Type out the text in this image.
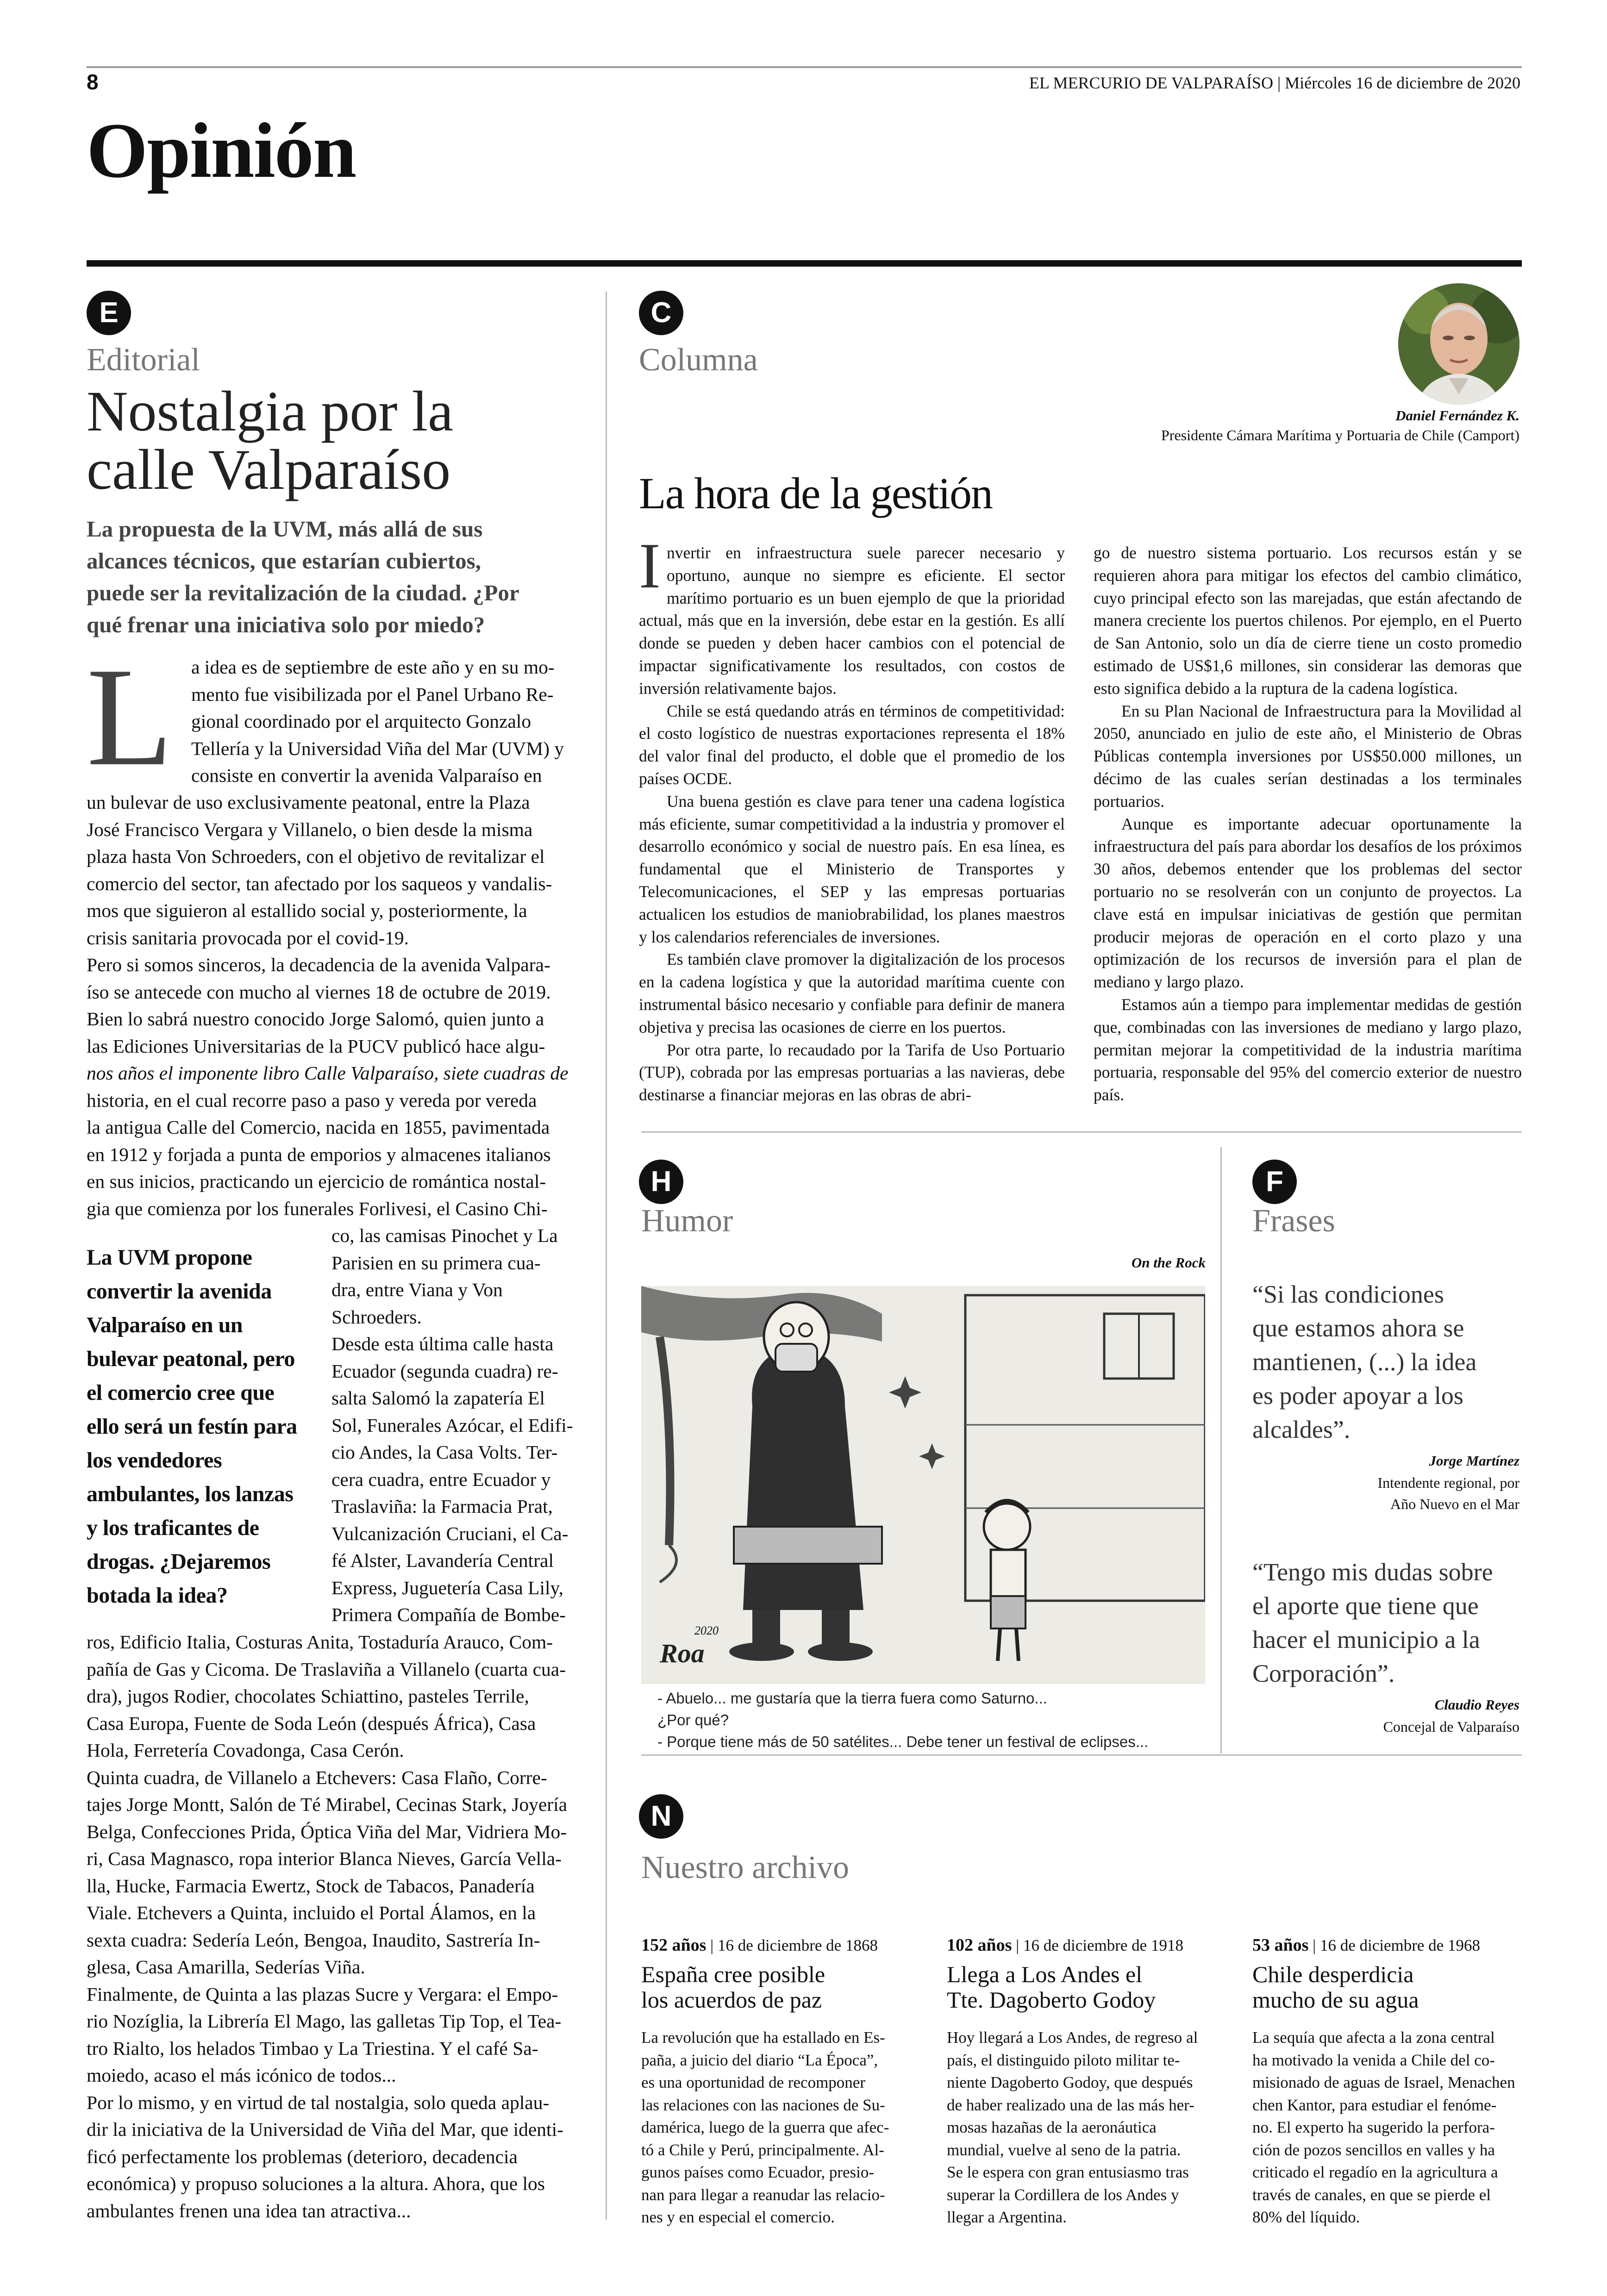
8	EL MERCURIO DE VALPARAÍSO | Miércoles 16 de diciembre de 2020
Opinión
E
Editorial
Nostalgia por la
calle Valparaíso
La propuesta de la UVM, más allá de sus
alcances técnicos, que estarían cubiertos,
puede ser la revitalización de la ciudad. ¿Por
qué frenar una iniciativa solo por miedo?
L a idea es de septiembre de este año y en su mo-
mento fue visibilizada por el Panel Urbano Re-
gional coordinado por el arquitecto Gonzalo
Tellería y la Universidad Viña del Mar (UVM) y
consiste en convertir la avenida Valparaíso en
un bulevar de uso exclusivamente peatonal, entre la Plaza
José Francisco Vergara y Villanelo, o bien desde la misma
plaza hasta Von Schroeders, con el objetivo de revitalizar el
comercio del sector, tan afectado por los saqueos y vandalis-
mos que siguieron al estallido social y, posteriormente, la
crisis sanitaria provocada por el covid-19.
Pero si somos sinceros, la decadencia de la avenida Valpara-
íso se antecede con mucho al viernes 18 de octubre de 2019.
Bien lo sabrá nuestro conocido Jorge Salomó, quien junto a
las Ediciones Universitarias de la PUCV publicó hace algu-
nos años el imponente libro Calle Valparaíso, siete cuadras de
historia, en el cual recorre paso a paso y vereda por vereda
la antigua Calle del Comercio, nacida en 1855, pavimentada
en 1912 y forjada a punta de emporios y almacenes italianos
en sus inicios, practicando un ejercicio de romántica nostal-
gia que comienza por los funerales Forlivesi, el Casino Chi-
La UVM propone
convertir la avenida
Valparaíso en un
bulevar peatonal, pero
el comercio cree que
ello será un festín para
los vendedores
ambulantes, los lanzas
y los traficantes de
drogas. ¿Dejaremos
botada la idea?
co, las camisas Pinochet y La
Parisien en su primera cua-
dra, entre Viana y Von
Schroeders.
Desde esta última calle hasta
Ecuador (segunda cuadra) re-
salta Salomó la zapatería El
Sol, Funerales Azócar, el Edifi-
cio Andes, la Casa Volts. Ter-
cera cuadra, entre Ecuador y
Traslaviña: la Farmacia Prat,
Vulcanización Cruciani, el Ca-
fé Alster, Lavandería Central
Express, Juguetería Casa Lily,
Primera Compañía de Bombe-
ros, Edificio Italia, Costuras Anita, Tostaduría Arauco, Com-
pañía de Gas y Cicoma. De Traslaviña a Villanelo (cuarta cua-
dra), jugos Rodier, chocolates Schiattino, pasteles Terrile,
Casa Europa, Fuente de Soda León (después África), Casa
Hola, Ferretería Covadonga, Casa Cerón.
Quinta cuadra, de Villanelo a Etchevers: Casa Flaño, Corre-
tajes Jorge Montt, Salón de Té Mirabel, Cecinas Stark, Joyería
Belga, Confecciones Prida, Óptica Viña del Mar, Vidriera Mo-
ri, Casa Magnasco, ropa interior Blanca Nieves, García Vella-
lla, Hucke, Farmacia Ewertz, Stock de Tabacos, Panadería
Viale. Etchevers a Quinta, incluido el Portal Álamos, en la
sexta cuadra: Sedería León, Bengoa, Inaudito, Sastrería In-
glesa, Casa Amarilla, Sederías Viña.
Finalmente, de Quinta a las plazas Sucre y Vergara: el Empo-
rio Nozíglia, la Librería El Mago, las galletas Tip Top, el Tea-
tro Rialto, los helados Timbao y La Triestina. Y el café Sa-
moiedo, acaso el más icónico de todos...
Por lo mismo, y en virtud de tal nostalgia, solo queda aplau-
dir la iniciativa de la Universidad de Viña del Mar, que identi-
ficó perfectamente los problemas (deterioro, decadencia
económica) y propuso soluciones a la altura. Ahora, que los
ambulantes frenen una idea tan atractiva...
C
Columna
Daniel Fernández K.
Presidente Cámara Marítima y Portuaria de Chile (Camport)
La hora de la gestión
I nvertir en infraestructura suele parecer necesario y oportuno, aunque no siempre es eficiente. El sector marítimo portuario es un buen ejemplo de que la prioridad actual, más que en la inversión, debe estar en la gestión. Es allí donde se pueden y deben hacer cambios con el potencial de impactar significativamente los resultados, con costos de inversión relativamente bajos.

Chile se está quedando atrás en términos de competitividad: el costo logístico de nuestras exportaciones representa el 18% del valor final del producto, el doble que el promedio de los países OCDE.

Una buena gestión es clave para tener una cadena logística más eficiente, sumar competitividad a la industria y promover el desarrollo económico y social de nuestro país. En esa línea, es fundamental que el Ministerio de Transportes y Telecomunicaciones, el SEP y las empresas portuarias actualicen los estudios de maniobrabilidad, los planes maestros y los calendarios referenciales de inversiones.

Es también clave promover la digitalización de los procesos en la cadena logística y que la autoridad marítima cuente con instrumental básico necesario y confiable para definir de manera objetiva y precisa las ocasiones de cierre en los puertos.

Por otra parte, lo recaudado por la Tarifa de Uso Portuario (TUP), cobrada por las empresas portuarias a las navieras, debe destinarse a financiar mejoras en las obras de abri-

go de nuestro sistema portuario. Los recursos están y se requieren ahora para mitigar los efectos del cambio climático, cuyo principal efecto son las marejadas, que están afectando de manera creciente los puertos chilenos. Por ejemplo, en el Puerto de San Antonio, solo un día de cierre tiene un costo promedio estimado de US$1,6 millones, sin considerar las demoras que esto significa debido a la ruptura de la cadena logística.

En su Plan Nacional de Infraestructura para la Movilidad al 2050, anunciado en julio de este año, el Ministerio de Obras Públicas contempla inversiones por US$50.000 millones, un décimo de las cuales serían destinadas a los terminales portuarios.

Aunque es importante adecuar oportunamente la infraestructura del país para abordar los desafíos de los próximos 30 años, debemos entender que los problemas del sector portuario no se resolverán con un conjunto de proyectos. La clave está en impulsar iniciativas de gestión que permitan producir mejoras de operación en el corto plazo y una optimización de los recursos de inversión para el plan de mediano y largo plazo.

Estamos aún a tiempo para implementar medidas de gestión que, combinadas con las inversiones de mediano y largo plazo, permitan mejorar la competitividad de la industria marítima portuaria, responsable del 95% del comercio exterior de nuestro país.

H
Humor
On the Rock
2020
Roa
- Abuelo... me gustaría que la tierra fuera como Saturno...
¿Por qué?
- Porque tiene más de 50 satélites... Debe tener un festival de eclipses...
F
Frases
“Si las condiciones
que estamos ahora se
mantienen, (...) la idea
es poder apoyar a los
alcaldes”.
Jorge Martínez
Intendente regional, por
Año Nuevo en el Mar
“Tengo mis dudas sobre
el aporte que tiene que
hacer el municipio a la
Corporación”.
Claudio Reyes
Concejal de Valparaíso
N
Nuestro archivo
152 años | 16 de diciembre de 1868
España cree posible
los acuerdos de paz
La revolución que ha estallado en Es-
paña, a juicio del diario “La Época”,
es una oportunidad de recomponer
las relaciones con las naciones de Su-
damérica, luego de la guerra que afec-
tó a Chile y Perú, principalmente. Al-
gunos países como Ecuador, presio-
nan para llegar a reanudar las relacio-
nes y en especial el comercio.
102 años | 16 de diciembre de 1918
Llega a Los Andes el
Tte. Dagoberto Godoy
Hoy llegará a Los Andes, de regreso al
país, el distinguido piloto militar te-
niente Dagoberto Godoy, que después
de haber realizado una de las más her-
mosas hazañas de la aeronáutica
mundial, vuelve al seno de la patria.
Se le espera con gran entusiasmo tras
superar la Cordillera de los Andes y
llegar a Argentina.
53 años | 16 de diciembre de 1968
Chile desperdicia
mucho de su agua
La sequía que afecta a la zona central
ha motivado la venida a Chile del co-
misionado de aguas de Israel, Menachen
chen Kantor, para estudiar el fenóme-
no. El experto ha sugerido la perfora-
ción de pozos sencillos en valles y ha
criticado el regadío en la agricultura a
través de canales, en que se pierde el
80% del líquido.
